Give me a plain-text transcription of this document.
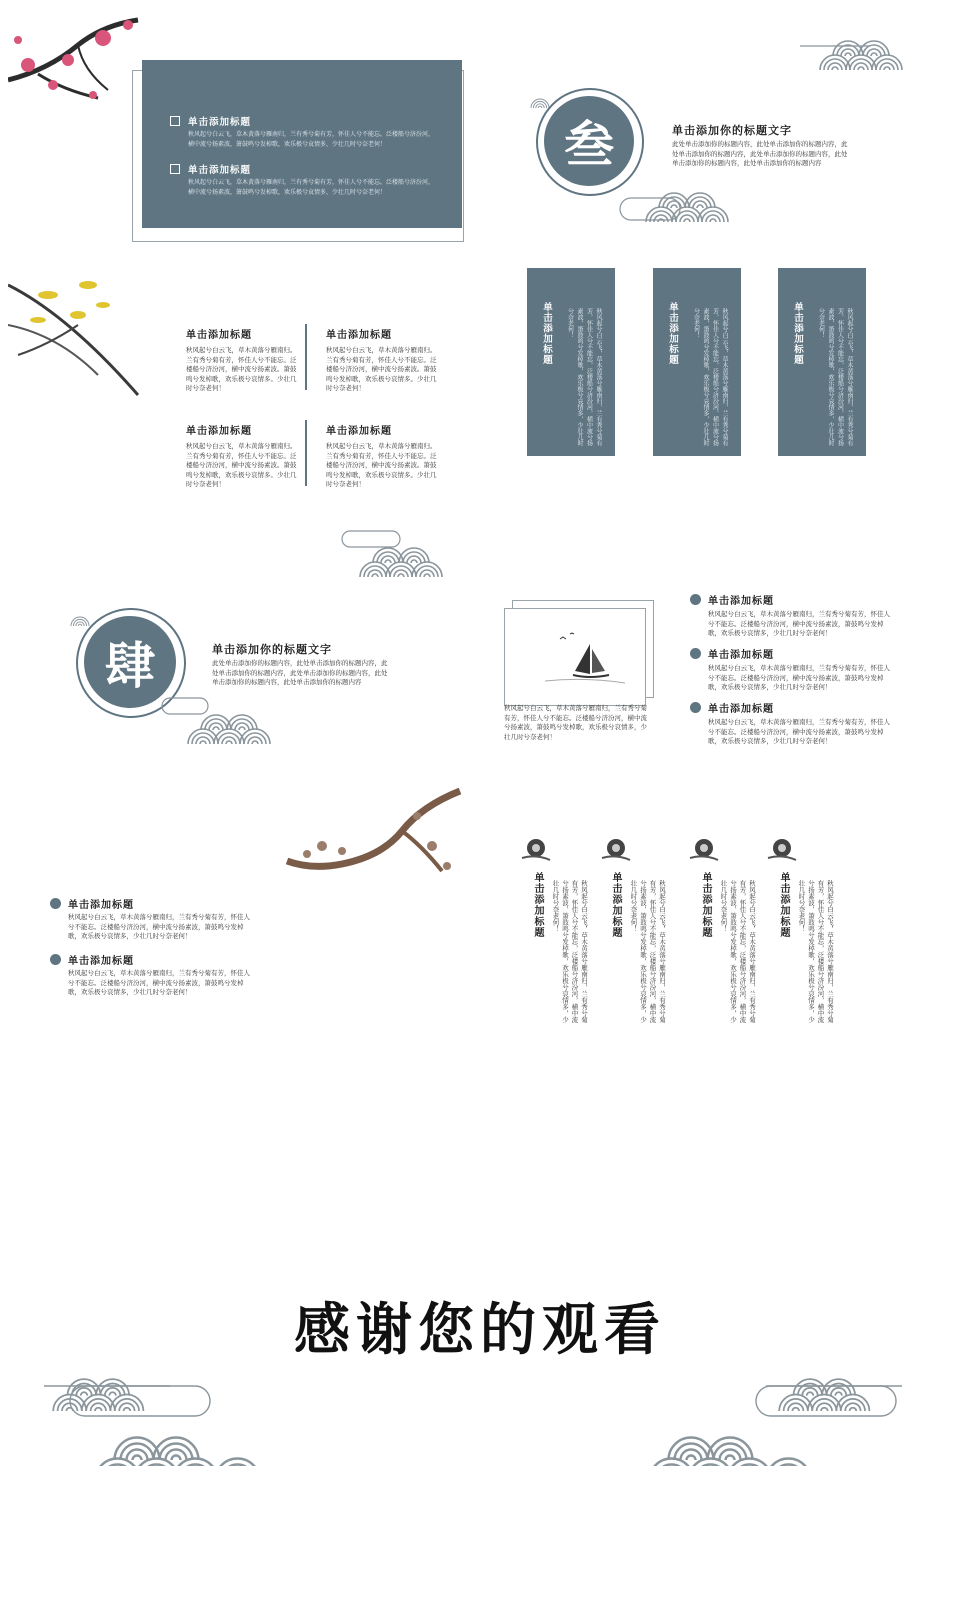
单击添加标题
秋风起兮白云飞，草木黄落兮雁南归，兰有秀兮菊有芳，怀佳人兮不能忘。泛楼船兮济汾河，横中流兮扬素波，箫鼓鸣兮发棹歌，欢乐极兮哀情多，少壮几时兮奈老何！
单击添加标题
秋风起兮白云飞，草木黄落兮雁南归，兰有秀兮菊有芳，怀佳人兮不能忘。泛楼船兮济汾河，横中流兮扬素波，箫鼓鸣兮发棹歌，欢乐极兮哀情多，少壮几时兮奈老何！
叁	单击添加你的标题文字
此处单击添加你的标题内容，此处单击添加你的标题内容，此处单击添加你的标题内容，此处单击添加你的标题内容，此处单击添加你的标题内容，此处单击添加你的标题内容
单击添加标题
秋风起兮白云飞，草木黄落兮雁南归。兰有秀兮菊有芳，怀佳人兮不能忘。泛楼船兮济汾河，横中流兮扬素波。箫鼓鸣兮发棹歌，欢乐极兮哀情多。少壮几时兮奈老何！
单击添加标题
秋风起兮白云飞，草木黄落兮雁南归。兰有秀兮菊有芳，怀佳人兮不能忘。泛楼船兮济汾河，横中流兮扬素波。箫鼓鸣兮发棹歌，欢乐极兮哀情多。少壮几时兮奈老何！
单击添加标题
秋风起兮白云飞，草木黄落兮雁南归。兰有秀兮菊有芳，怀佳人兮不能忘。泛楼船兮济汾河，横中流兮扬素波。箫鼓鸣兮发棹歌，欢乐极兮哀情多。少壮几时兮奈老何！
单击添加标题
秋风起兮白云飞，草木黄落兮雁南归。兰有秀兮菊有芳，怀佳人兮不能忘。泛楼船兮济汾河，横中流兮扬素波。箫鼓鸣兮发棹歌，欢乐极兮哀情多。少壮几时兮奈老何！
单击添加标题	秋风起兮白云飞，草木黄落兮雁南归，兰有秀兮菊有芳，怀佳人兮不能忘，泛楼船兮济汾河，横中流兮扬素波，箫鼓鸣兮发棹歌，欢乐极兮哀情多，少壮几时兮奈老何！	单击添加标题	秋风起兮白云飞，草木黄落兮雁南归，兰有秀兮菊有芳，怀佳人兮不能忘，泛楼船兮济汾河，横中流兮扬素波，箫鼓鸣兮发棹歌，欢乐极兮哀情多，少壮几时兮奈老何！	单击添加标题	秋风起兮白云飞，草木黄落兮雁南归，兰有秀兮菊有芳，怀佳人兮不能忘，泛楼船兮济汾河，横中流兮扬素波，箫鼓鸣兮发棹歌，欢乐极兮哀情多，少壮几时兮奈老何！
肆	单击添加你的标题文字
此处单击添加你的标题内容，此处单击添加你的标题内容，此处单击添加你的标题内容，此处单击添加你的标题内容，此处单击添加你的标题内容，此处单击添加你的标题内容
秋风起兮白云飞，草木黄落兮雁南归，兰有秀兮菊有芳，怀佳人兮不能忘。泛楼船兮济汾河，横中流兮扬素波，箫鼓鸣兮发棹歌，欢乐极兮哀情多，少壮几时兮奈老何！
单击添加标题
秋风起兮白云飞，草木黄落兮雁南归，兰有秀兮菊有芳，怀佳人兮不能忘。泛楼船兮济汾河，横中流兮扬素波，箫鼓鸣兮发棹歌，欢乐极兮哀情多，少壮几时兮奈老何！
单击添加标题
秋风起兮白云飞，草木黄落兮雁南归，兰有秀兮菊有芳，怀佳人兮不能忘。泛楼船兮济汾河，横中流兮扬素波，箫鼓鸣兮发棹歌，欢乐极兮哀情多，少壮几时兮奈老何！
单击添加标题
秋风起兮白云飞，草木黄落兮雁南归，兰有秀兮菊有芳，怀佳人兮不能忘。泛楼船兮济汾河，横中流兮扬素波，箫鼓鸣兮发棹歌，欢乐极兮哀情多，少壮几时兮奈老何！
单击添加标题
秋风起兮白云飞，草木黄落兮雁南归，兰有秀兮菊有芳，怀佳人兮不能忘。泛楼船兮济汾河，横中流兮扬素波，箫鼓鸣兮发棹歌，欢乐极兮哀情多，少壮几时兮奈老何！
单击添加标题
秋风起兮白云飞，草木黄落兮雁南归，兰有秀兮菊有芳，怀佳人兮不能忘。泛楼船兮济汾河，横中流兮扬素波，箫鼓鸣兮发棹歌，欢乐极兮哀情多，少壮几时兮奈老何！
单击添加标题	秋风起兮白云飞，草木黄落兮雁南归，兰有秀兮菊有芳，怀佳人兮不能忘，泛楼船兮济汾河，横中流兮扬素波，箫鼓鸣兮发棹歌，欢乐极兮哀情多，少壮几时兮奈老何！	单击添加标题	秋风起兮白云飞，草木黄落兮雁南归，兰有秀兮菊有芳，怀佳人兮不能忘，泛楼船兮济汾河，横中流兮扬素波，箫鼓鸣兮发棹歌，欢乐极兮哀情多，少壮几时兮奈老何！	单击添加标题	秋风起兮白云飞，草木黄落兮雁南归，兰有秀兮菊有芳，怀佳人兮不能忘，泛楼船兮济汾河，横中流兮扬素波，箫鼓鸣兮发棹歌，欢乐极兮哀情多，少壮几时兮奈老何！	单击添加标题	秋风起兮白云飞，草木黄落兮雁南归，兰有秀兮菊有芳，怀佳人兮不能忘，泛楼船兮济汾河，横中流兮扬素波，箫鼓鸣兮发棹歌，欢乐极兮哀情多，少壮几时兮奈老何！
感谢您的观看
